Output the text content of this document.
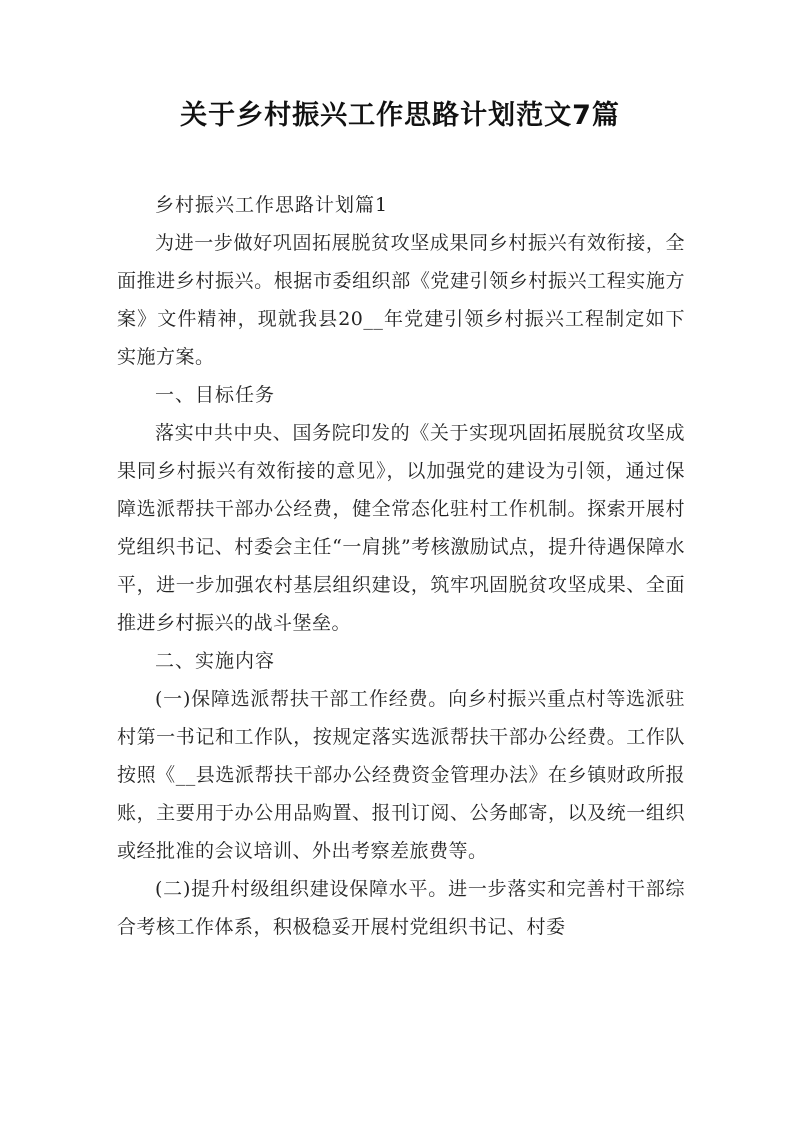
关于乡村振兴工作思路计划范文7篇

乡村振兴工作思路计划篇1

为进一步做好巩固拓展脱贫攻坚成果同乡村振兴有效衔接，全面推进乡村振兴。根据市委组织部《党建引领乡村振兴工程实施方案》文件精神，现就我县20__年党建引领乡村振兴工程制定如下实施方案。

一、目标任务

落实中共中央、国务院印发的《关于实现巩固拓展脱贫攻坚成果同乡村振兴有效衔接的意见》，以加强党的建设为引领，通过保障选派帮扶干部办公经费，健全常态化驻村工作机制。探索开展村党组织书记、村委会主任“一肩挑”考核激励试点，提升待遇保障水平，进一步加强农村基层组织建设，筑牢巩固脱贫攻坚成果、全面推进乡村振兴的战斗堡垒。

二、实施内容

(一)保障选派帮扶干部工作经费。向乡村振兴重点村等选派驻村第一书记和工作队，按规定落实选派帮扶干部办公经费。工作队按照《__县选派帮扶干部办公经费资金管理办法》在乡镇财政所报账，主要用于办公用品购置、报刊订阅、公务邮寄，以及统一组织或经批准的会议培训、外出考察差旅费等。

(二)提升村级组织建设保障水平。进一步落实和完善村干部综合考核工作体系，积极稳妥开展村党组织书记、村委
